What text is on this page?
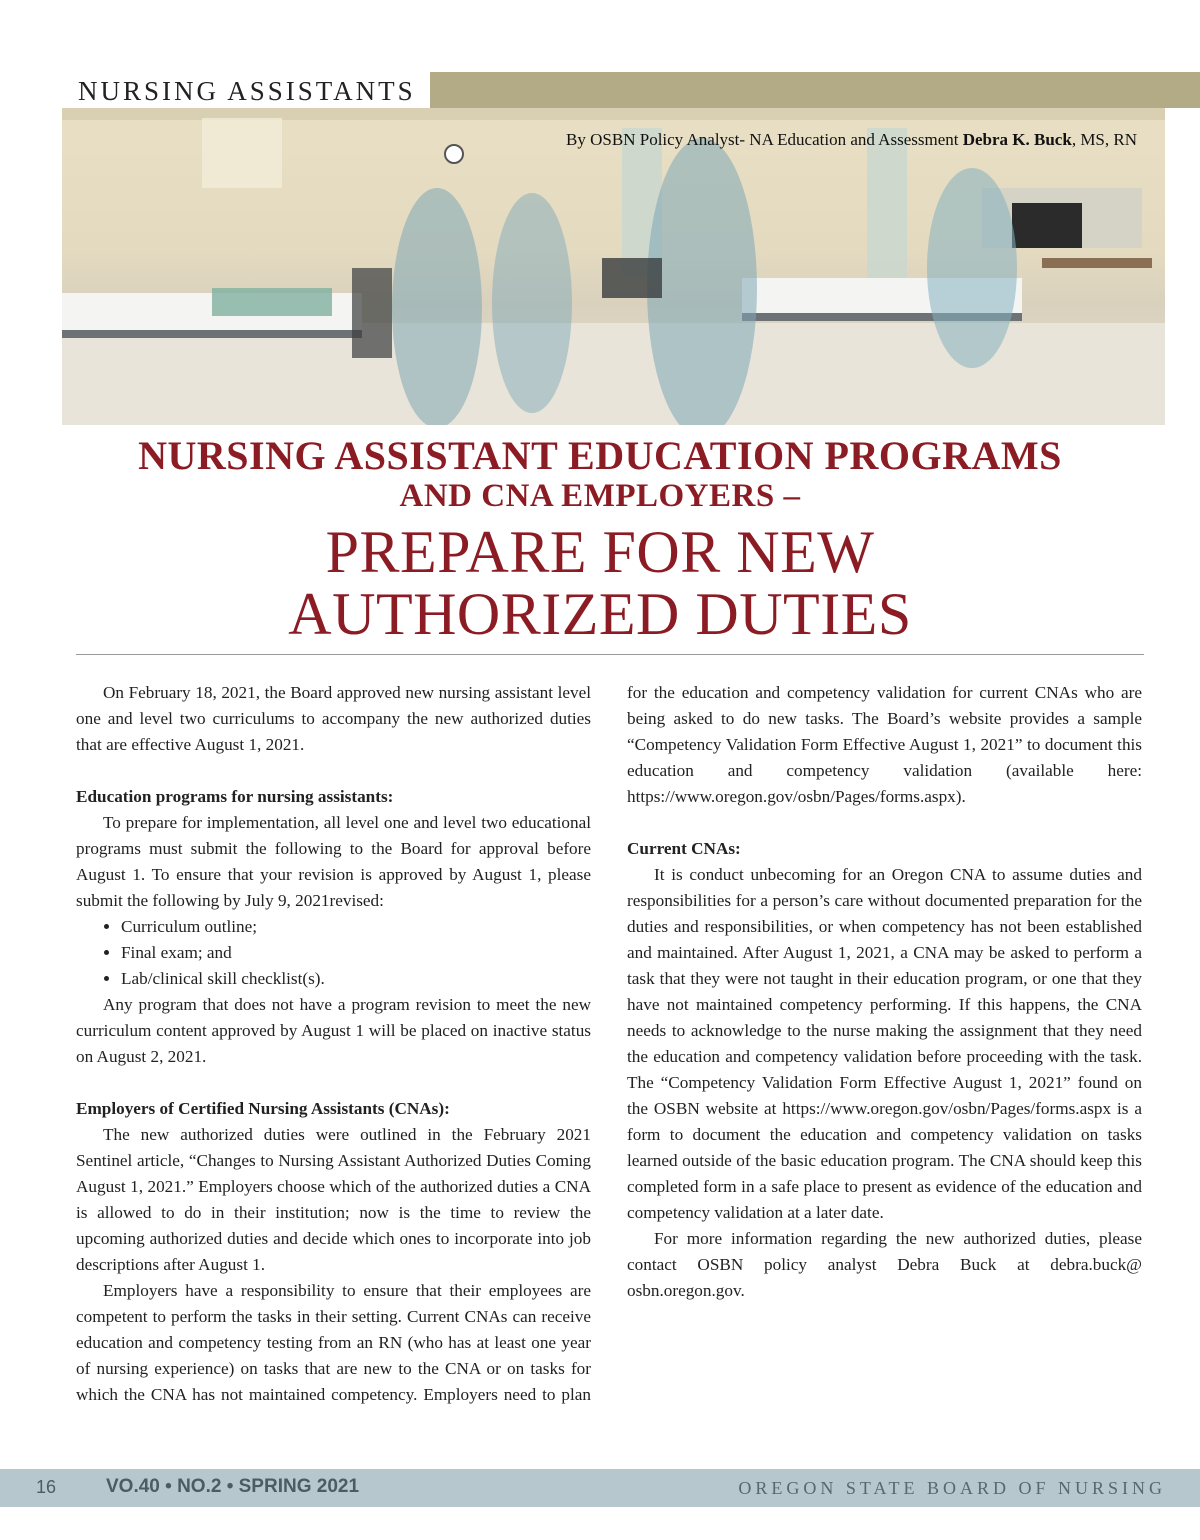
NURSING ASSISTANTS
By OSBN Policy Analyst- NA Education and Assessment Debra K. Buck, MS, RN
NURSING ASSISTANT EDUCATION PROGRAMS
AND CNA EMPLOYERS –
PREPARE FOR NEW
AUTHORIZED DUTIES

On February 18, 2021, the Board approved new nursing assistant level one and level two curriculums to accompany the new authorized duties that are effective August 1, 2021.

Education programs for nursing assistants:

To prepare for implementation, all level one and level two educational programs must submit the following to the Board for approval before August 1. To ensure that your revision is approved by August 1, please submit the following by July 9, 2021revised:

• Curriculum outline;
• Final exam; and
• Lab/clinical skill checklist(s).

Any program that does not have a program revision to meet the new curriculum content approved by August 1 will be placed on inactive status on August 2, 2021.

Employers of Certified Nursing Assistants (CNAs):

The new authorized duties were outlined in the February 2021 Sentinel article, “Changes to Nursing Assistant Authorized Duties Coming August 1, 2021.” Employers choose which of the authorized duties a CNA is allowed to do in their institution; now is the time to review the upcoming authorized duties and decide which ones to incorporate into job descriptions after August 1.

Employers have a responsibility to ensure that their employees are competent to perform the tasks in their setting. Current CNAs can receive education and competency testing from an RN (who has at least one year of nursing experience) on tasks that are new to the CNA or on tasks for which the CNA has not maintained competency. Employers need to plan

for the education and competency validation for current CNAs who are being asked to do new tasks. The Board’s website provides a sample “Competency Validation Form Effective August 1, 2021” to document this education and competency validation (available here: https://www.oregon.gov/osbn/Pages/forms.aspx).

Current CNAs:

It is conduct unbecoming for an Oregon CNA to assume duties and responsibilities for a person’s care without documented preparation for the duties and responsibilities, or when competency has not been established and maintained. After August 1, 2021, a CNA may be asked to perform a task that they were not taught in their education program, or one that they have not maintained competency performing. If this happens, the CNA needs to acknowledge to the nurse making the assignment that they need the education and competency validation before proceeding with the task. The “Competency Validation Form Effective August 1, 2021” found on the OSBN website at https://www.oregon.gov/osbn/Pages/forms.aspx is a form to document the education and competency validation on tasks learned outside of the basic education program. The CNA should keep this completed form in a safe place to present as evidence of the education and competency validation at a later date.

For more information regarding the new authorized duties, please contact OSBN policy analyst Debra Buck at debra.buck@ osbn.oregon.gov.

16	VO.40 • NO.2 • SPRING 2021	OREGON STATE BOARD OF NURSING
